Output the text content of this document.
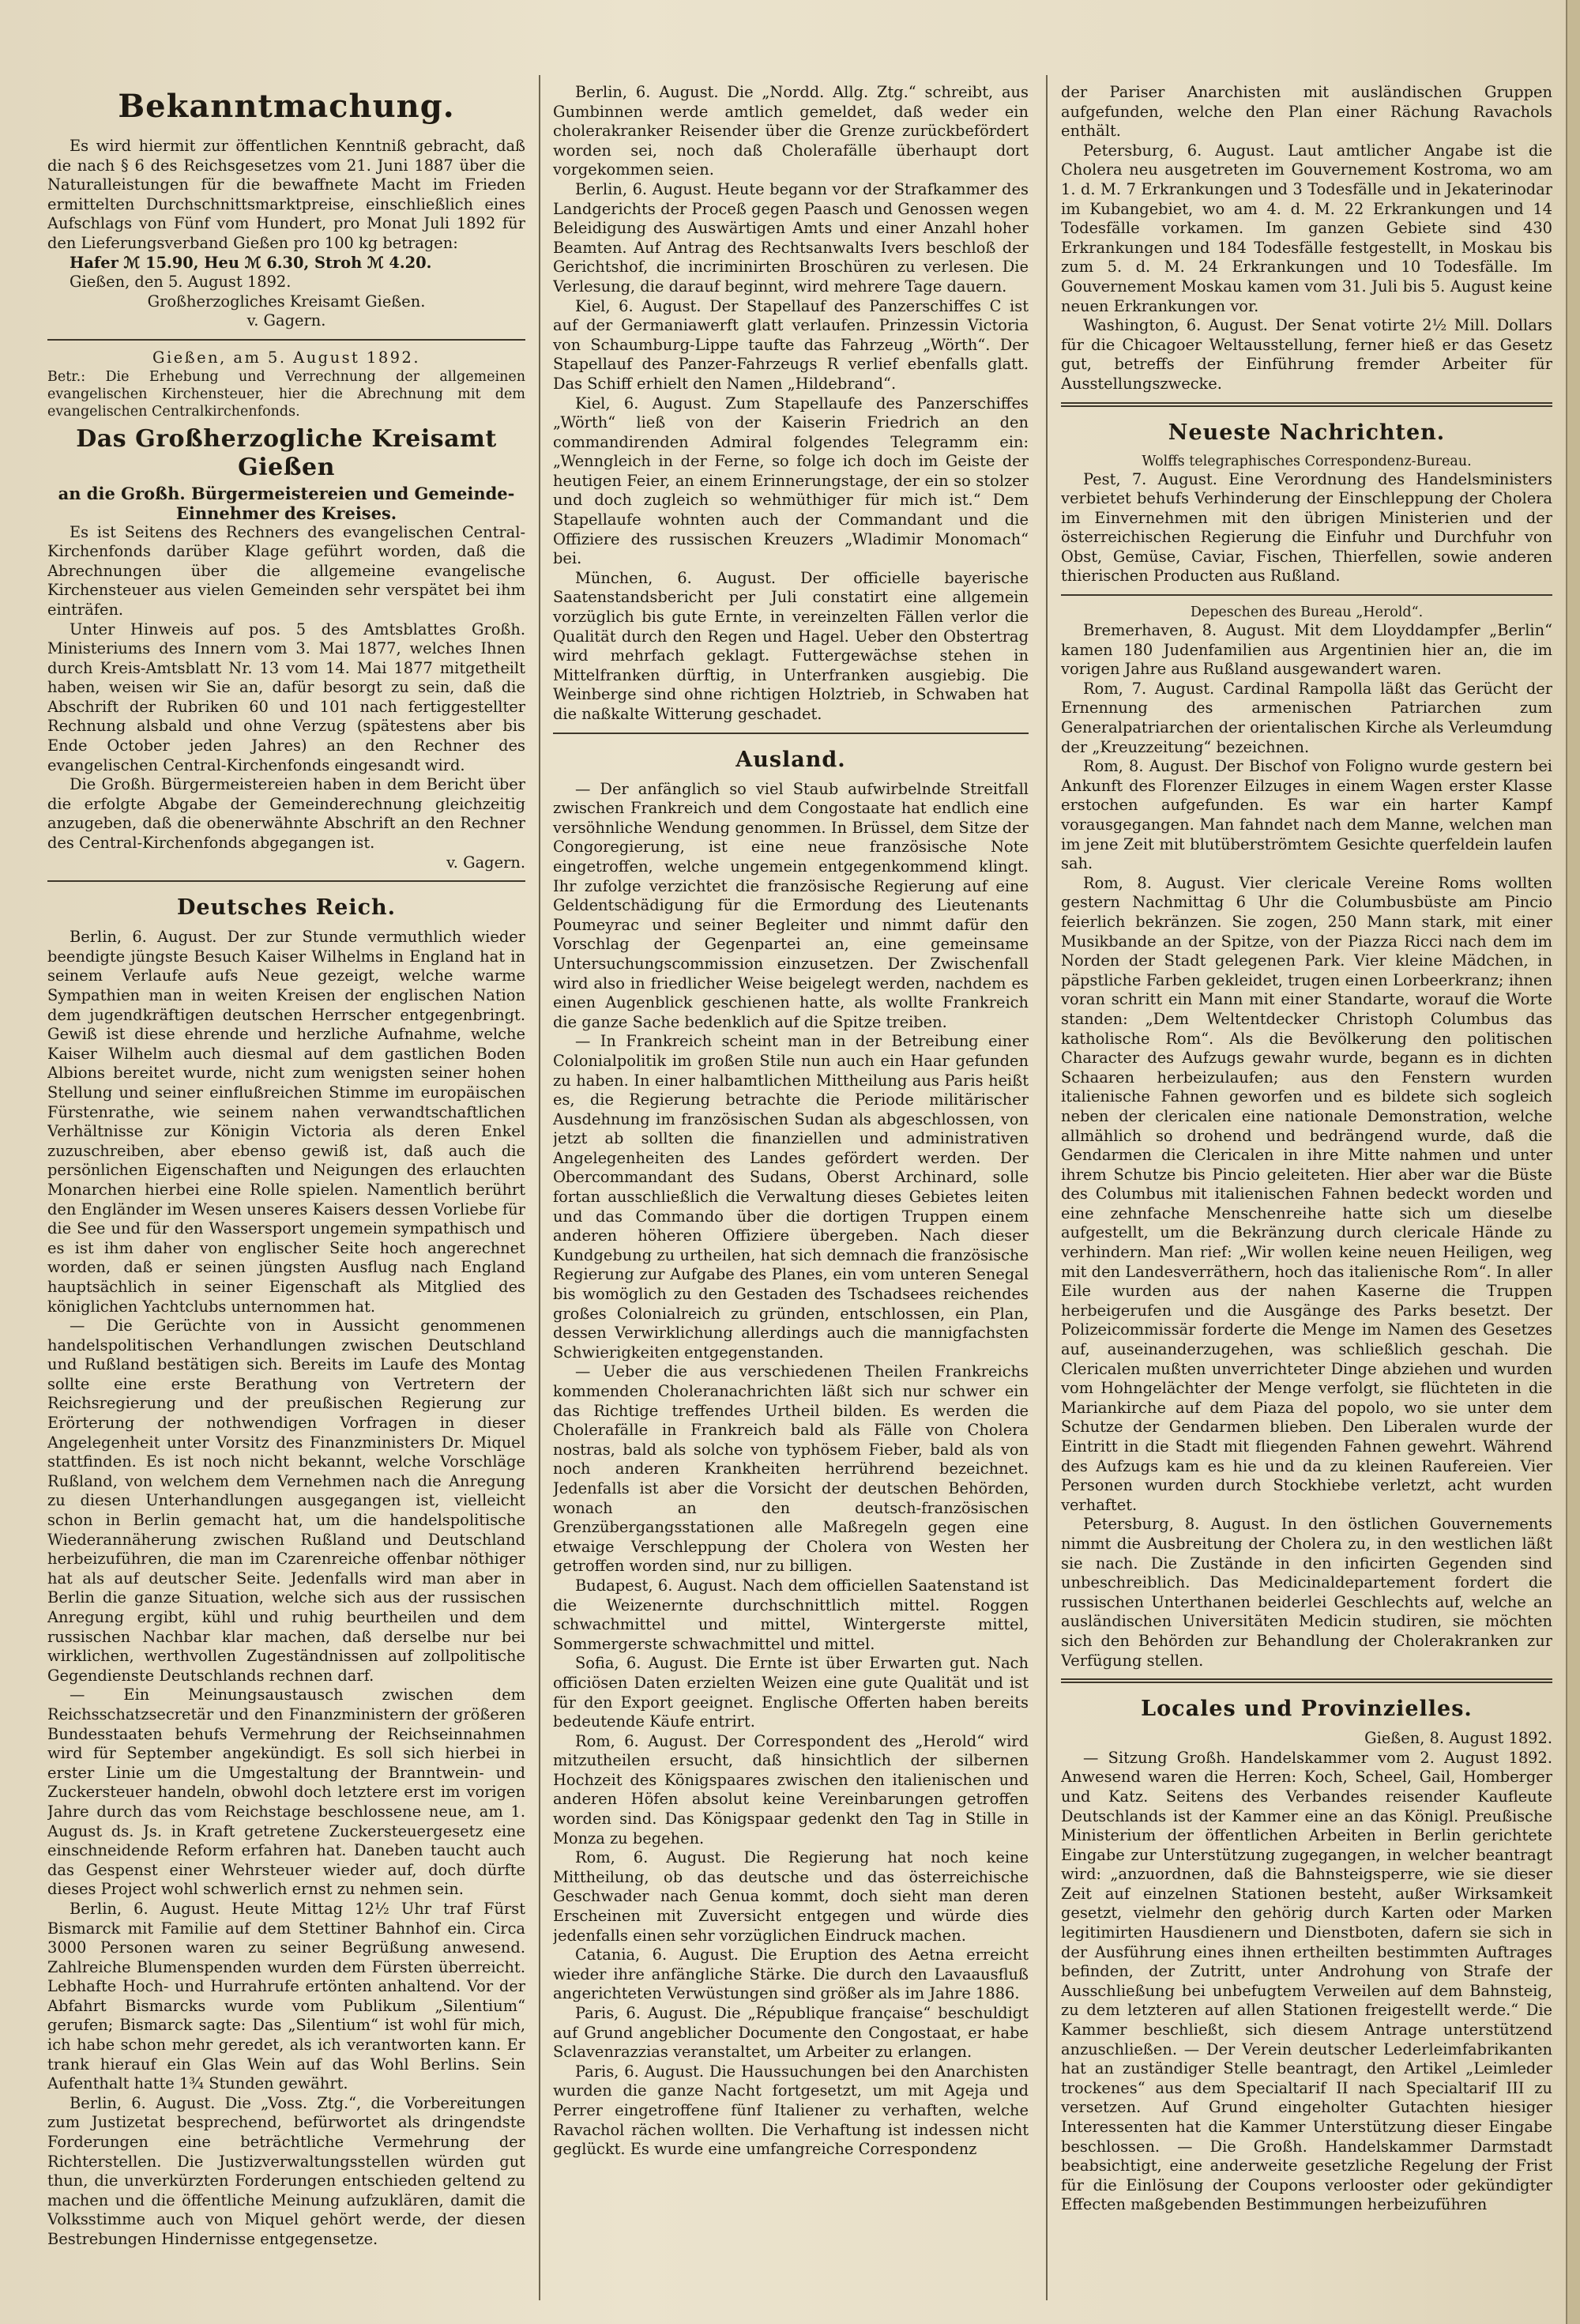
Bekanntmachung.

Es wird hiermit zur öffentlichen Kenntniß gebracht, daß die nach § 6 des Reichsgesetzes vom 21. Juni 1887 über die Naturalleistungen für die bewaffnete Macht im Frieden ermittelten Durchschnittsmarktpreise, einschließlich eines Aufschlags von Fünf vom Hundert, pro Monat Juli 1892 für den Lieferungsverband Gießen pro 100 kg betragen:

Hafer ℳ 15.90, Heu ℳ 6.30, Stroh ℳ 4.20.

Gießen, den 5. August 1892.

Großherzogliches Kreisamt Gießen.

v. Gagern.

Gießen, am 5. August 1892.

Betr.: Die Erhebung und Verrechnung der allgemeinen evangelischen Kirchensteuer, hier die Abrechnung mit dem evangelischen Centralkirchenfonds.

Das Großherzogliche Kreisamt Gießen

an die Großh. Bürgermeistereien und Gemeinde-Einnehmer des Kreises.

Es ist Seitens des Rechners des evangelischen Central-Kirchenfonds darüber Klage geführt worden, daß die Abrechnungen über die allgemeine evangelische Kirchensteuer aus vielen Gemeinden sehr verspätet bei ihm einträfen.

Unter Hinweis auf pos. 5 des Amtsblattes Großh. Ministeriums des Innern vom 3. Mai 1877, welches Ihnen durch Kreis-Amtsblatt Nr. 13 vom 14. Mai 1877 mitgetheilt haben, weisen wir Sie an, dafür besorgt zu sein, daß die Abschrift der Rubriken 60 und 101 nach fertiggestellter Rechnung alsbald und ohne Verzug (spätestens aber bis Ende October jeden Jahres) an den Rechner des evangelischen Central-Kirchenfonds eingesandt wird.

Die Großh. Bürgermeistereien haben in dem Bericht über die erfolgte Abgabe der Gemeinderechnung gleichzeitig anzugeben, daß die obenerwähnte Abschrift an den Rechner des Central-Kirchenfonds abgegangen ist.

v. Gagern.

Deutsches Reich.

Berlin, 6. August. Der zur Stunde vermuthlich wieder beendigte jüngste Besuch Kaiser Wilhelms in England hat in seinem Verlaufe aufs Neue gezeigt, welche warme Sympathien man in weiten Kreisen der englischen Nation dem jugendkräftigen deutschen Herrscher entgegenbringt. Gewiß ist diese ehrende und herzliche Aufnahme, welche Kaiser Wilhelm auch diesmal auf dem gastlichen Boden Albions bereitet wurde, nicht zum wenigsten seiner hohen Stellung und seiner einflußreichen Stimme im europäischen Fürstenrathe, wie seinem nahen verwandtschaftlichen Verhältnisse zur Königin Victoria als deren Enkel zuzuschreiben, aber ebenso gewiß ist, daß auch die persönlichen Eigenschaften und Neigungen des erlauchten Monarchen hierbei eine Rolle spielen. Namentlich berührt den Engländer im Wesen unseres Kaisers dessen Vorliebe für die See und für den Wassersport ungemein sympathisch und es ist ihm daher von englischer Seite hoch angerechnet worden, daß er seinen jüngsten Ausflug nach England hauptsächlich in seiner Eigenschaft als Mitglied des königlichen Yachtclubs unternommen hat.

— Die Gerüchte von in Aussicht genommenen handelspolitischen Verhandlungen zwischen Deutschland und Rußland bestätigen sich. Bereits im Laufe des Montag sollte eine erste Berathung von Vertretern der Reichsregierung und der preußischen Regierung zur Erörterung der nothwendigen Vorfragen in dieser Angelegenheit unter Vorsitz des Finanzministers Dr. Miquel stattfinden. Es ist noch nicht bekannt, welche Vorschläge Rußland, von welchem dem Vernehmen nach die Anregung zu diesen Unterhandlungen ausgegangen ist, vielleicht schon in Berlin gemacht hat, um die handelspolitische Wiederannäherung zwischen Rußland und Deutschland herbeizuführen, die man im Czarenreiche offenbar nöthiger hat als auf deutscher Seite. Jedenfalls wird man aber in Berlin die ganze Situation, welche sich aus der russischen Anregung ergibt, kühl und ruhig beurtheilen und dem russischen Nachbar klar machen, daß derselbe nur bei wirklichen, werthvollen Zugeständnissen auf zollpolitische Gegendienste Deutschlands rechnen darf.

— Ein Meinungsaustausch zwischen dem Reichsschatzsecretär und den Finanzministern der größeren Bundesstaaten behufs Vermehrung der Reichseinnahmen wird für September angekündigt. Es soll sich hierbei in erster Linie um die Umgestaltung der Branntwein- und Zuckersteuer handeln, obwohl doch letztere erst im vorigen Jahre durch das vom Reichstage beschlossene neue, am 1. August ds. Js. in Kraft getretene Zuckersteuergesetz eine einschneidende Reform erfahren hat. Daneben taucht auch das Gespenst einer Wehrsteuer wieder auf, doch dürfte dieses Project wohl schwerlich ernst zu nehmen sein.

Berlin, 6. August. Heute Mittag 12½ Uhr traf Fürst Bismarck mit Familie auf dem Stettiner Bahnhof ein. Circa 3000 Personen waren zu seiner Begrüßung anwesend. Zahlreiche Blumenspenden wurden dem Fürsten überreicht. Lebhafte Hoch- und Hurrahrufe ertönten anhaltend. Vor der Abfahrt Bismarcks wurde vom Publikum „Silentium“ gerufen; Bismarck sagte: Das „Silentium“ ist wohl für mich, ich habe schon mehr geredet, als ich verantworten kann. Er trank hierauf ein Glas Wein auf das Wohl Berlins. Sein Aufenthalt hatte 1¾ Stunden gewährt.

Berlin, 6. August. Die „Voss. Ztg.“, die Vorbereitungen zum Justizetat besprechend, befürwortet als dringendste Forderungen eine beträchtliche Vermehrung der Richterstellen. Die Justizverwaltungsstellen würden gut thun, die unverkürzten Forderungen entschieden geltend zu machen und die öffentliche Meinung aufzuklären, damit die Volksstimme auch von Miquel gehört werde, der diesen Bestrebungen Hindernisse entgegensetze.

Berlin, 6. August. Die „Nordd. Allg. Ztg.“ schreibt, aus Gumbinnen werde amtlich gemeldet, daß weder ein cholerakranker Reisender über die Grenze zurückbefördert worden sei, noch daß Cholerafälle überhaupt dort vorgekommen seien.

Berlin, 6. August. Heute begann vor der Strafkammer des Landgerichts der Proceß gegen Paasch und Genossen wegen Beleidigung des Auswärtigen Amts und einer Anzahl hoher Beamten. Auf Antrag des Rechtsanwalts Ivers beschloß der Gerichtshof, die incriminirten Broschüren zu verlesen. Die Verlesung, die darauf beginnt, wird mehrere Tage dauern.

Kiel, 6. August. Der Stapellauf des Panzerschiffes C ist auf der Germaniawerft glatt verlaufen. Prinzessin Victoria von Schaumburg-Lippe taufte das Fahrzeug „Wörth“. Der Stapellauf des Panzer-Fahrzeugs R verlief ebenfalls glatt. Das Schiff erhielt den Namen „Hildebrand“.

Kiel, 6. August. Zum Stapellaufe des Panzerschiffes „Wörth“ ließ von der Kaiserin Friedrich an den commandirenden Admiral folgendes Telegramm ein: „Wenngleich in der Ferne, so folge ich doch im Geiste der heutigen Feier, an einem Erinnerungstage, der ein so stolzer und doch zugleich so wehmüthiger für mich ist.“ Dem Stapellaufe wohnten auch der Commandant und die Offiziere des russischen Kreuzers „Wladimir Monomach“ bei.

München, 6. August. Der officielle bayerische Saatenstandsbericht per Juli constatirt eine allgemein vorzüglich bis gute Ernte, in vereinzelten Fällen verlor die Qualität durch den Regen und Hagel. Ueber den Obstertrag wird mehrfach geklagt. Futtergewächse stehen in Mittelfranken dürftig, in Unterfranken ausgiebig. Die Weinberge sind ohne richtigen Holztrieb, in Schwaben hat die naßkalte Witterung geschadet.

Ausland.

— Der anfänglich so viel Staub aufwirbelnde Streitfall zwischen Frankreich und dem Congostaate hat endlich eine versöhnliche Wendung genommen. In Brüssel, dem Sitze der Congoregierung, ist eine neue französische Note eingetroffen, welche ungemein entgegenkommend klingt. Ihr zufolge verzichtet die französische Regierung auf eine Geldentschädigung für die Ermordung des Lieutenants Poumeyrac und seiner Begleiter und nimmt dafür den Vorschlag der Gegenpartei an, eine gemeinsame Untersuchungscommission einzusetzen. Der Zwischenfall wird also in friedlicher Weise beigelegt werden, nachdem es einen Augenblick geschienen hatte, als wollte Frankreich die ganze Sache bedenklich auf die Spitze treiben.

— In Frankreich scheint man in der Betreibung einer Colonialpolitik im großen Stile nun auch ein Haar gefunden zu haben. In einer halbamtlichen Mittheilung aus Paris heißt es, die Regierung betrachte die Periode militärischer Ausdehnung im französischen Sudan als abgeschlossen, von jetzt ab sollten die finanziellen und administrativen Angelegenheiten des Landes gefördert werden. Der Obercommandant des Sudans, Oberst Archinard, solle fortan ausschließlich die Verwaltung dieses Gebietes leiten und das Commando über die dortigen Truppen einem anderen höheren Offiziere übergeben. Nach dieser Kundgebung zu urtheilen, hat sich demnach die französische Regierung zur Aufgabe des Planes, ein vom unteren Senegal bis womöglich zu den Gestaden des Tschadsees reichendes großes Colonialreich zu gründen, entschlossen, ein Plan, dessen Verwirklichung allerdings auch die mannigfachsten Schwierigkeiten entgegenstanden.

— Ueber die aus verschiedenen Theilen Frankreichs kommenden Choleranachrichten läßt sich nur schwer ein das Richtige treffendes Urtheil bilden. Es werden die Cholerafälle in Frankreich bald als Fälle von Cholera nostras, bald als solche von typhösem Fieber, bald als von noch anderen Krankheiten herrührend bezeichnet. Jedenfalls ist aber die Vorsicht der deutschen Behörden, wonach an den deutsch-französischen Grenzübergangsstationen alle Maßregeln gegen eine etwaige Verschleppung der Cholera von Westen her getroffen worden sind, nur zu billigen.

Budapest, 6. August. Nach dem officiellen Saatenstand ist die Weizenernte durchschnittlich mittel. Roggen schwachmittel und mittel, Wintergerste mittel, Sommergerste schwachmittel und mittel.

Sofia, 6. August. Die Ernte ist über Erwarten gut. Nach officiösen Daten erzielten Weizen eine gute Qualität und ist für den Export geeignet. Englische Offerten haben bereits bedeutende Käufe entrirt.

Rom, 6. August. Der Correspondent des „Herold“ wird mitzutheilen ersucht, daß hinsichtlich der silbernen Hochzeit des Königspaares zwischen den italienischen und anderen Höfen absolut keine Vereinbarungen getroffen worden sind. Das Königspaar gedenkt den Tag in Stille in Monza zu begehen.

Rom, 6. August. Die Regierung hat noch keine Mittheilung, ob das deutsche und das österreichische Geschwader nach Genua kommt, doch sieht man deren Erscheinen mit Zuversicht entgegen und würde dies jedenfalls einen sehr vorzüglichen Eindruck machen.

Catania, 6. August. Die Eruption des Aetna erreicht wieder ihre anfängliche Stärke. Die durch den Lavaausfluß angerichteten Verwüstungen sind größer als im Jahre 1886.

Paris, 6. August. Die „République française“ beschuldigt auf Grund angeblicher Documente den Congostaat, er habe Sclavenrazzias veranstaltet, um Arbeiter zu erlangen.

Paris, 6. August. Die Haussuchungen bei den Anarchisten wurden die ganze Nacht fortgesetzt, um mit Ageja und Perrer eingetroffene fünf Italiener zu verhaften, welche Ravachol rächen wollten. Die Verhaftung ist indessen nicht geglückt. Es wurde eine umfangreiche Correspondenz

der Pariser Anarchisten mit ausländischen Gruppen aufgefunden, welche den Plan einer Rächung Ravachols enthält.

Petersburg, 6. August. Laut amtlicher Angabe ist die Cholera neu ausgetreten im Gouvernement Kostroma, wo am 1. d. M. 7 Erkrankungen und 3 Todesfälle und in Jekaterinodar im Kubangebiet, wo am 4. d. M. 22 Erkrankungen und 14 Todesfälle vorkamen. Im ganzen Gebiete sind 430 Erkrankungen und 184 Todesfälle festgestellt, in Moskau bis zum 5. d. M. 24 Erkrankungen und 10 Todesfälle. Im Gouvernement Moskau kamen vom 31. Juli bis 5. August keine neuen Erkrankungen vor.

Washington, 6. August. Der Senat votirte 2½ Mill. Dollars für die Chicagoer Weltausstellung, ferner hieß er das Gesetz gut, betreffs der Einführung fremder Arbeiter für Ausstellungszwecke.

Neueste Nachrichten.

Wolffs telegraphisches Correspondenz-Bureau.

Pest, 7. August. Eine Verordnung des Handelsministers verbietet behufs Verhinderung der Einschleppung der Cholera im Einvernehmen mit den übrigen Ministerien und der österreichischen Regierung die Einfuhr und Durchfuhr von Obst, Gemüse, Caviar, Fischen, Thierfellen, sowie anderen thierischen Producten aus Rußland.

Depeschen des Bureau „Herold“.

Bremerhaven, 8. August. Mit dem Lloyddampfer „Berlin“ kamen 180 Judenfamilien aus Argentinien hier an, die im vorigen Jahre aus Rußland ausgewandert waren.

Rom, 7. August. Cardinal Rampolla läßt das Gerücht der Ernennung des armenischen Patriarchen zum Generalpatriarchen der orientalischen Kirche als Verleumdung der „Kreuzzeitung“ bezeichnen.

Rom, 8. August. Der Bischof von Foligno wurde gestern bei Ankunft des Florenzer Eilzuges in einem Wagen erster Klasse erstochen aufgefunden. Es war ein harter Kampf vorausgegangen. Man fahndet nach dem Manne, welchen man im jene Zeit mit blutüberströmtem Gesichte querfeldein laufen sah.

Rom, 8. August. Vier clericale Vereine Roms wollten gestern Nachmittag 6 Uhr die Columbusbüste am Pincio feierlich bekränzen. Sie zogen, 250 Mann stark, mit einer Musikbande an der Spitze, von der Piazza Ricci nach dem im Norden der Stadt gelegenen Park. Vier kleine Mädchen, in päpstliche Farben gekleidet, trugen einen Lorbeerkranz; ihnen voran schritt ein Mann mit einer Standarte, worauf die Worte standen: „Dem Weltentdecker Christoph Columbus das katholische Rom“. Als die Bevölkerung den politischen Character des Aufzugs gewahr wurde, begann es in dichten Schaaren herbeizulaufen; aus den Fenstern wurden italienische Fahnen geworfen und es bildete sich sogleich neben der clericalen eine nationale Demonstration, welche allmählich so drohend und bedrängend wurde, daß die Gendarmen die Clericalen in ihre Mitte nahmen und unter ihrem Schutze bis Pincio geleiteten. Hier aber war die Büste des Columbus mit italienischen Fahnen bedeckt worden und eine zehnfache Menschenreihe hatte sich um dieselbe aufgestellt, um die Bekränzung durch clericale Hände zu verhindern. Man rief: „Wir wollen keine neuen Heiligen, weg mit den Landesverräthern, hoch das italienische Rom“. In aller Eile wurden aus der nahen Kaserne die Truppen herbeigerufen und die Ausgänge des Parks besetzt. Der Polizeicommissär forderte die Menge im Namen des Gesetzes auf, auseinanderzugehen, was schließlich geschah. Die Clericalen mußten unverrichteter Dinge abziehen und wurden vom Hohngelächter der Menge verfolgt, sie flüchteten in die Mariankirche auf dem Piaza del popolo, wo sie unter dem Schutze der Gendarmen blieben. Den Liberalen wurde der Eintritt in die Stadt mit fliegenden Fahnen gewehrt. Während des Aufzugs kam es hie und da zu kleinen Raufereien. Vier Personen wurden durch Stockhiebe verletzt, acht wurden verhaftet.

Petersburg, 8. August. In den östlichen Gouvernements nimmt die Ausbreitung der Cholera zu, in den westlichen läßt sie nach. Die Zustände in den inficirten Gegenden sind unbeschreiblich. Das Medicinaldepartement fordert die russischen Unterthanen beiderlei Geschlechts auf, welche an ausländischen Universitäten Medicin studiren, sie möchten sich den Behörden zur Behandlung der Cholerakranken zur Verfügung stellen.

Locales und Provinzielles.

Gießen, 8. August 1892.

— Sitzung Großh. Handelskammer vom 2. August 1892. Anwesend waren die Herren: Koch, Scheel, Gail, Homberger und Katz. Seitens des Verbandes reisender Kaufleute Deutschlands ist der Kammer eine an das Königl. Preußische Ministerium der öffentlichen Arbeiten in Berlin gerichtete Eingabe zur Unterstützung zugegangen, in welcher beantragt wird: „anzuordnen, daß die Bahnsteigsperre, wie sie dieser Zeit auf einzelnen Stationen besteht, außer Wirksamkeit gesetzt, vielmehr den gehörig durch Karten oder Marken legitimirten Hausdienern und Dienstboten, dafern sie sich in der Ausführung eines ihnen ertheilten bestimmten Auftrages befinden, der Zutritt, unter Androhung von Strafe der Ausschließung bei unbefugtem Verweilen auf dem Bahnsteig, zu dem letzteren auf allen Stationen freigestellt werde.“ Die Kammer beschließt, sich diesem Antrage unterstützend anzuschließen. — Der Verein deutscher Lederleimfabrikanten hat an zuständiger Stelle beantragt, den Artikel „Leimleder trockenes“ aus dem Specialtarif II nach Specialtarif III zu versetzen. Auf Grund eingeholter Gutachten hiesiger Interessenten hat die Kammer Unterstützung dieser Eingabe beschlossen. — Die Großh. Handelskammer Darmstadt beabsichtigt, eine anderweite gesetzliche Regelung der Frist für die Einlösung der Coupons verlooster oder gekündigter Effecten maßgebenden Bestimmungen herbeizuführen
